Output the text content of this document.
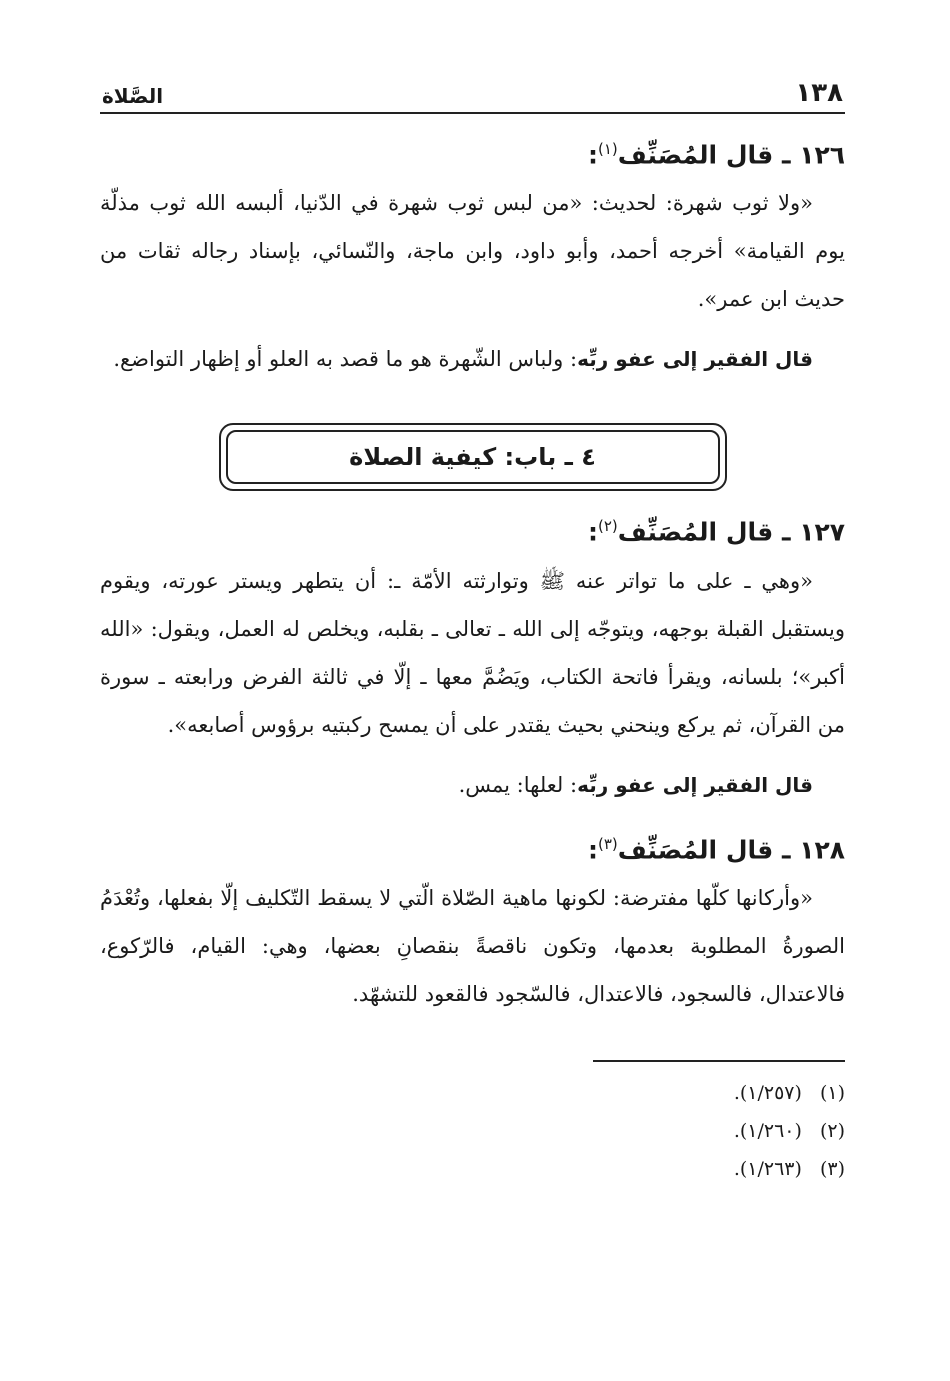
١٣٨
الصَّلاة
١٢٦ ـ قال المُصَنِّف$^{(١)}$:

«ولا ثوب شهرة: لحديث: «من لبس ثوب شهرة في الدّنيا، ألبسه الله ثوب مذلّة يوم القيامة» أخرجه أحمد، وأبو داود، وابن ماجة، والنّسائي، بإسناد رجاله ثقات من حديث ابن عمر».

قال الفقير إلى عفو ربِّه: ولباس الشّهرة هو ما قصد به العلو أو إظهار التواضع.

٤ ـ باب: كيفية الصلاة
١٢٧ ـ قال المُصَنِّف$^{(٢)}$:

«وهي ـ على ما تواتر عنه ﷺ وتوارثته الأمّة ـ: أن يتطهر ويستر عورته، ويقوم ويستقبل القبلة بوجهه، ويتوجّه إلى الله ـ تعالى ـ بقلبه، ويخلص له العمل، ويقول: «الله أكبر»؛ بلسانه، ويقرأ فاتحة الكتاب، ويَضُمَّ معها ـ إلّا في ثالثة الفرض ورابعته ـ سورة من القرآن، ثم يركع وينحني بحيث يقتدر على أن يمسح ركبتيه برؤوس أصابعه».

قال الفقير إلى عفو ربِّه: لعلها: يمس.

١٢٨ ـ قال المُصَنِّف$^{(٣)}$:

«وأركانها كلّها مفترضة: لكونها ماهية الصّلاة الّتي لا يسقط التّكليف إلّا بفعلها، وتُعْدَمُ الصورةُ المطلوبة بعدمها، وتكون ناقصةً بنقصانِ بعضها، وهي: القيام، فالرّكوع، فالاعتدال، فالسجود، فالاعتدال، فالسّجود فالقعود للتشهّد.

(١)
(١/٢٥٧).
(٢)
(١/٢٦٠).
(٣)
(١/٢٦٣).
